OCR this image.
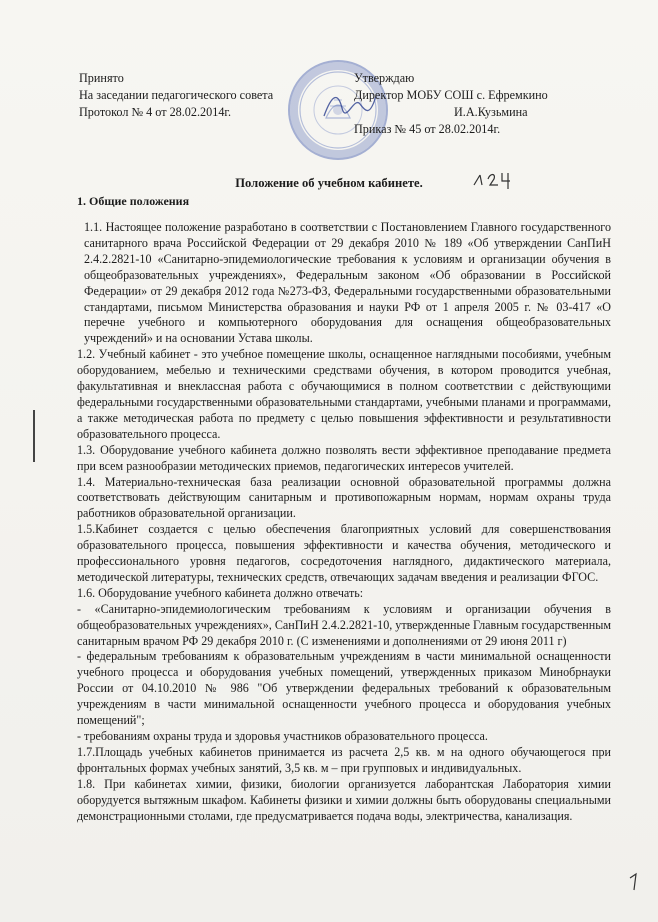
Принято
На заседании педагогического совета
Протокол № 4 от 28.02.2014г.
Утверждаю
Директор МОБУ СОШ с. Ефремкино
И.А.Кузьмина
Приказ № 45 от 28.02.2014г.
Положение об учебном кабинете.
1. Общие положения

1.1. Настоящее положение разработано в соответствии с Постановлением Главного государственного санитарного врача Российской Федерации от 29 декабря 2010 № 189 «Об утверждении СанПиН 2.4.2.2821-10 «Санитарно-эпидемиологические требования к условиям и организации обучения в общеобразовательных учреждениях», Федеральным законом «Об образовании в Российской Федерации» от 29 декабря 2012 года №273-ФЗ, Федеральными государственными образовательными стандартами, письмом Министерства образования и науки РФ от 1 апреля 2005 г. № 03-417 «О перечне учебного и компьютерного оборудования для оснащения общеобразовательных учреждений» и на основании Устава школы.

1.2. Учебный кабинет - это учебное помещение школы, оснащенное наглядными пособиями, учебным оборудованием, мебелью и техническими средствами обучения, в котором проводится учебная, факультативная и внеклассная работа с обучающимися в полном соответствии с действующими федеральными государственными образовательными стандартами, учебными планами и программами, а также методическая работа по предмету с целью повышения эффективности и результативности образовательного процесса.

1.3. Оборудование учебного кабинета должно позволять вести эффективное преподавание предмета при всем разнообразии методических приемов, педагогических интересов учителей.

1.4. Материально-техническая база реализации основной образовательной программы должна соответствовать действующим санитарным и противопожарным нормам, нормам охраны труда работников образовательной организации.

1.5.Кабинет создается с целью обеспечения благоприятных условий для совершенствования образовательного процесса, повышения эффективности и качества обучения, методического и профессионального уровня педагогов, сосредоточения наглядного, дидактического материала, методической литературы, технических средств, отвечающих задачам введения и реализации ФГОС.

1.6. Оборудование учебного кабинета должно отвечать:

- «Санитарно-эпидемиологическим требованиям к условиям и организации обучения в общеобразовательных учреждениях», СанПиН 2.4.2.2821-10, утвержденные Главным государственным санитарным врачом РФ 29 декабря 2010 г. (С изменениями и дополнениями от 29 июня 2011 г)

- федеральным требованиям к образовательным учреждениям в части минимальной оснащенности учебного процесса и оборудования учебных помещений, утвержденных приказом Минобрнауки России от 04.10.2010 № 986 "Об утверждении федеральных требований к образовательным учреждениям в части минимальной оснащенности учебного процесса и оборудования учебных помещений";

- требованиям охраны труда и здоровья участников образовательного процесса.

1.7.Площадь учебных кабинетов принимается из расчета 2,5 кв. м на одного обучающегося при фронтальных формах учебных занятий, 3,5 кв. м – при групповых и индивидуальных.

1.8. При кабинетах химии, физики, биологии организуется лаборантская Лаборатория химии оборудуется вытяжным шкафом. Кабинеты физики и химии должны быть оборудованы специальными демонстрационными столами, где предусматривается подача воды, электричества, канализация.
